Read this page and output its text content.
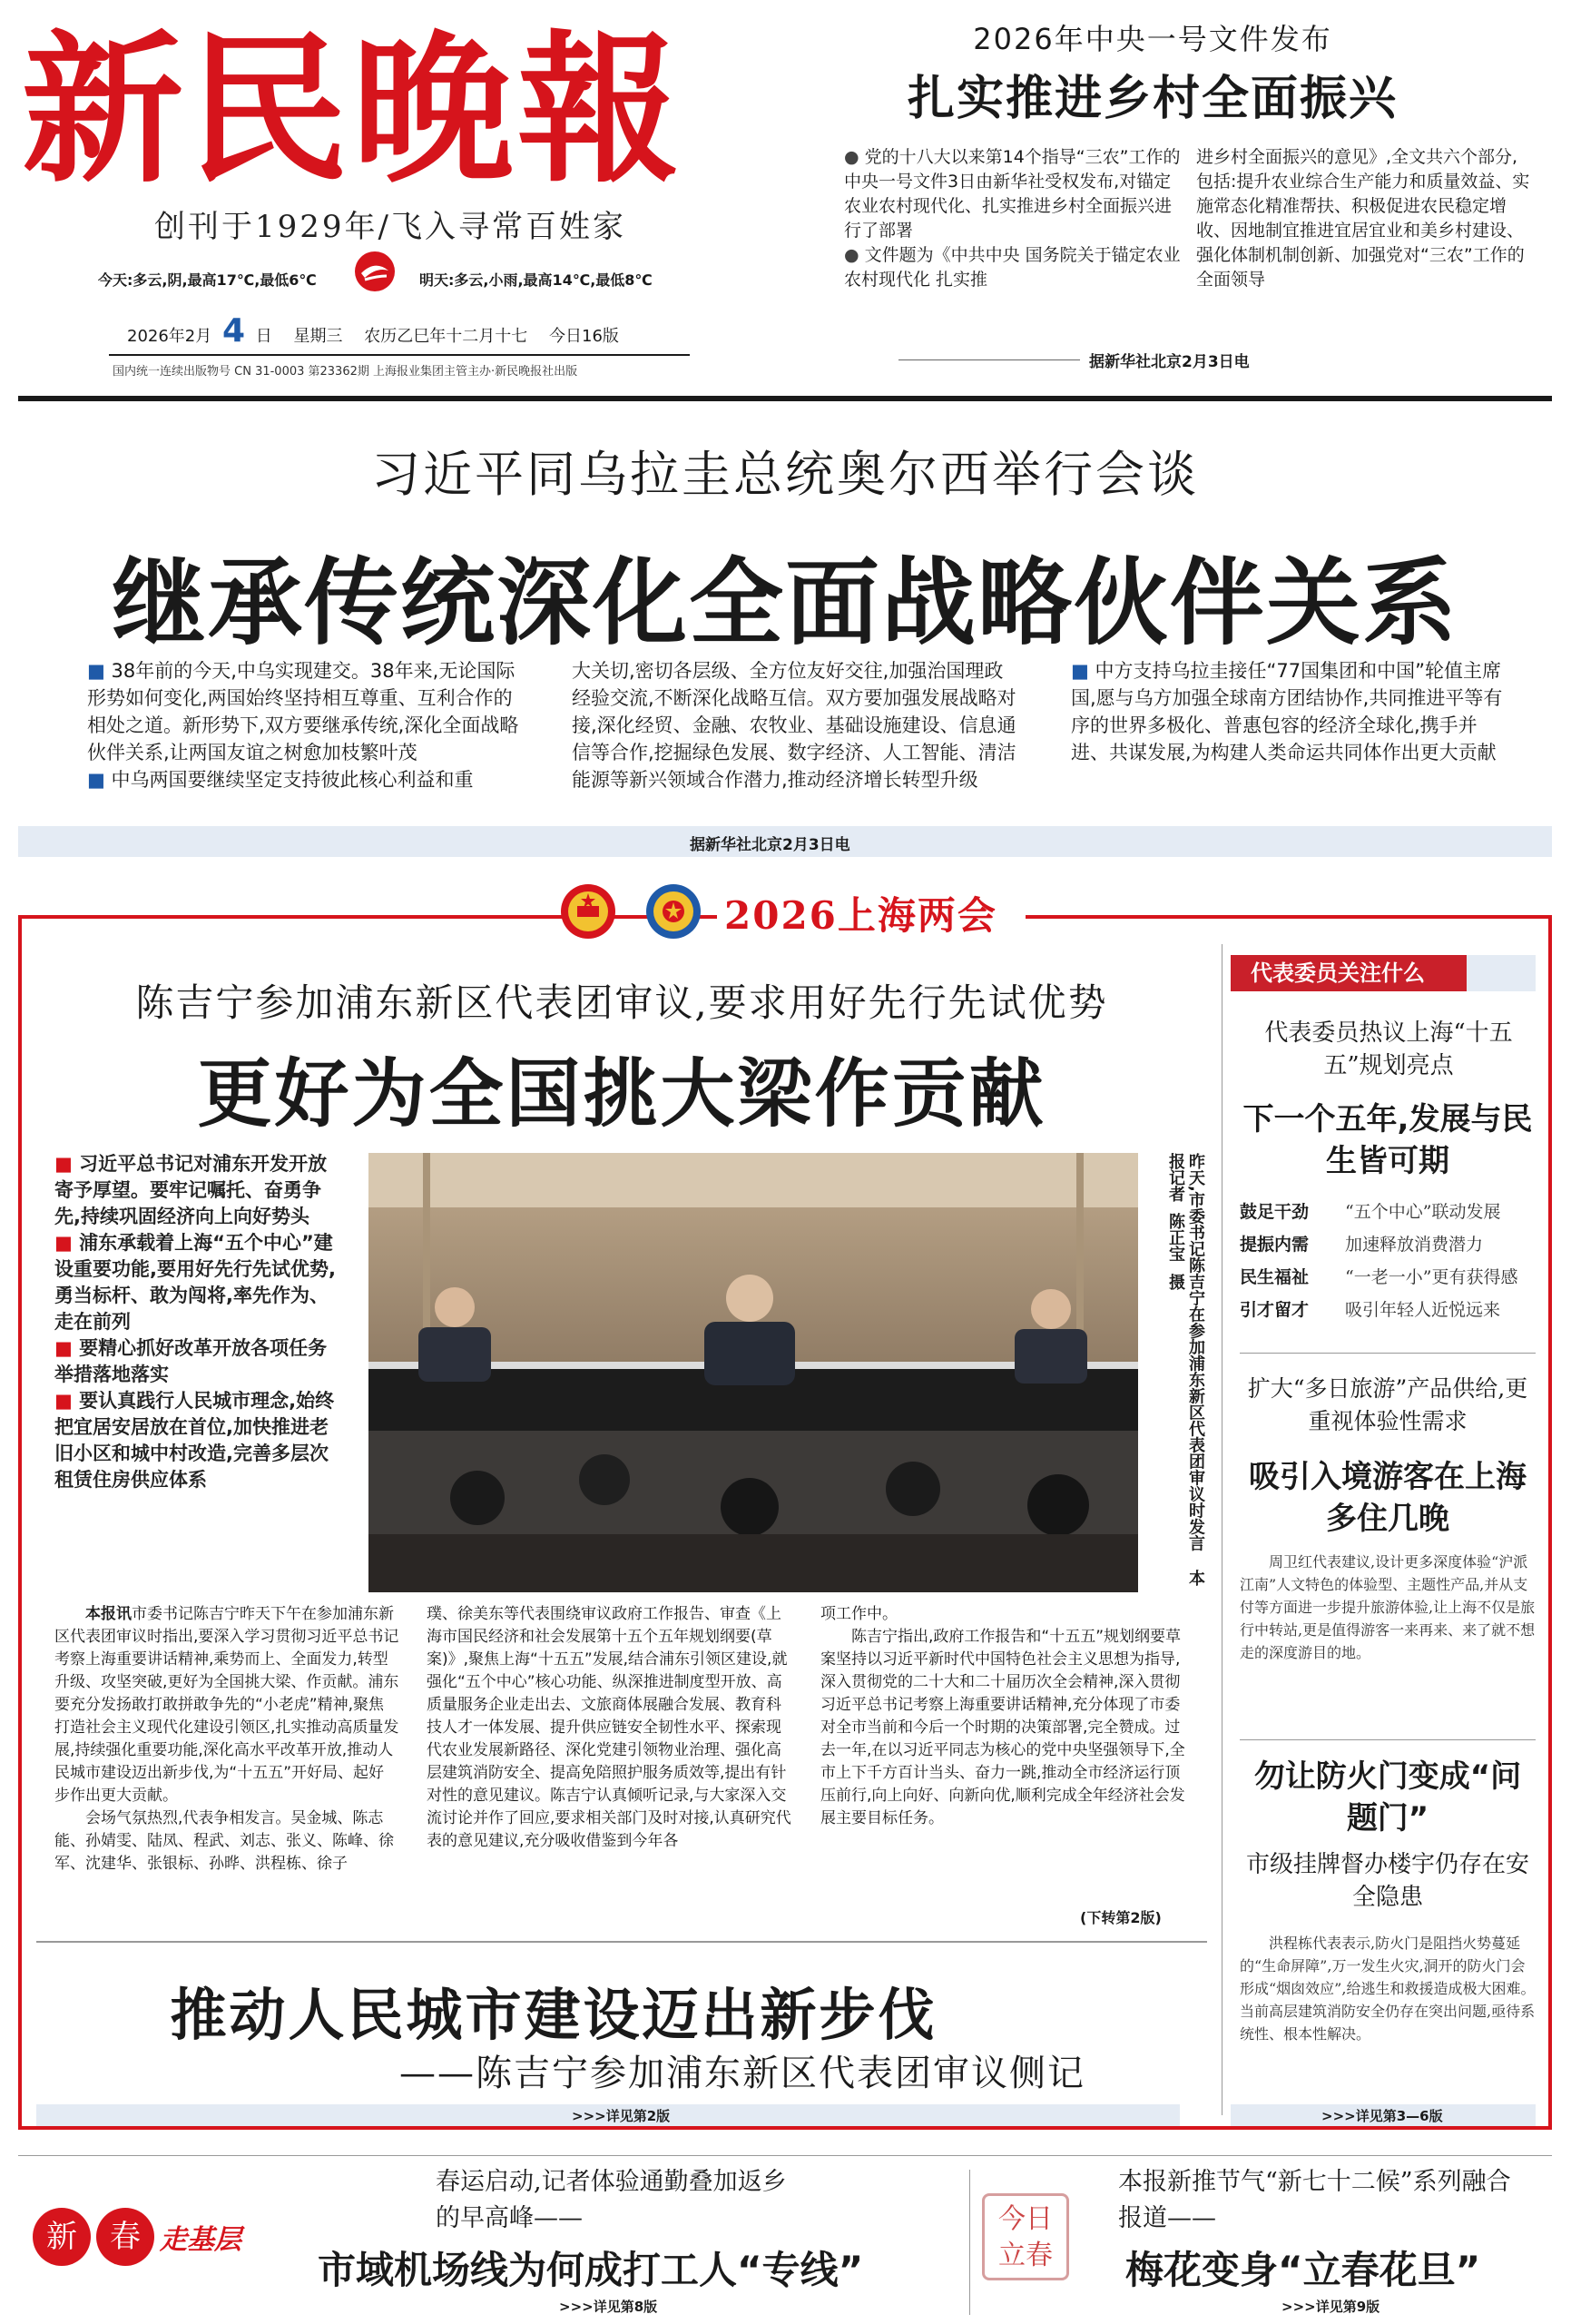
新民晚報
创刊于1929年/飞入寻常百姓家
今天:多云,阴,最高17℃,最低6℃	明天:多云,小雨,最高14℃,最低8℃
2026年2月 4 日 星期三 农历乙巳年十二月十七 今日16版
国内统一连续出版物号 CN 31-0003 第23362期 上海报业集团主管主办·新民晚报社出版
2026年中央一号文件发布
扎实推进乡村全面振兴

● 党的十八大以来第14个指导“三农”工作的中央一号文件3日由新华社受权发布,对锚定农业农村现代化、扎实推进乡村全面振兴进行了部署

● 文件题为《中共中央 国务院关于锚定农业农村现代化 扎实推

进乡村全面振兴的意见》,全文共六个部分,包括:提升农业综合生产能力和质量效益、实施常态化精准帮扶、积极促进农民稳定增收、因地制宜推进宜居宜业和美乡村建设、强化体制机制创新、加强党对“三农”工作的全面领导

据新华社北京2月3日电
习近平同乌拉圭总统奥尔西举行会谈
继承传统深化全面战略伙伴关系

■ 38年前的今天,中乌实现建交。38年来,无论国际形势如何变化,两国始终坚持相互尊重、互利合作的相处之道。新形势下,双方要继承传统,深化全面战略伙伴关系,让两国友谊之树愈加枝繁叶茂

■ 中乌两国要继续坚定支持彼此核心利益和重

大关切,密切各层级、全方位友好交往,加强治国理政经验交流,不断深化战略互信。双方要加强发展战略对接,深化经贸、金融、农牧业、基础设施建设、信息通信等合作,挖掘绿色发展、数字经济、人工智能、清洁能源等新兴领域合作潜力,推动经济增长转型升级

■ 中方支持乌拉圭接任“77国集团和中国”轮值主席国,愿与乌方加强全球南方团结协作,共同推进平等有序的世界多极化、普惠包容的经济全球化,携手并进、共谋发展,为构建人类命运共同体作出更大贡献

据新华社北京2月3日电
2026上海两会
陈吉宁参加浦东新区代表团审议,要求用好先行先试优势
更好为全国挑大梁作贡献

■ 习近平总书记对浦东开发开放寄予厚望。要牢记嘱托、奋勇争先,持续巩固经济向上向好势头

■ 浦东承载着上海“五个中心”建设重要功能,要用好先行先试优势,勇当标杆、敢为闯将,率先作为、走在前列

■ 要精心抓好改革开放各项任务举措落地落实

■ 要认真践行人民城市理念,始终把宜居安居放在首位,加快推进老旧小区和城中村改造,完善多层次租赁住房供应体系	昨天,市委书记陈吉宁在参加浦东新区代表团审议时发言 本报记者 陈正宝 摄

本报讯市委书记陈吉宁昨天下午在参加浦东新区代表团审议时指出,要深入学习贯彻习近平总书记考察上海重要讲话精神,乘势而上、全面发力,转型升级、攻坚突破,更好为全国挑大梁、作贡献。浦东要充分发扬敢打敢拼敢争先的“小老虎”精神,聚焦打造社会主义现代化建设引领区,扎实推动高质量发展,持续强化重要功能,深化高水平改革开放,推动人民城市建设迈出新步伐,为“十五五”开好局、起好步作出更大贡献。

会场气氛热烈,代表争相发言。吴金城、陈志能、孙婧雯、陆凤、程武、刘志、张义、陈峰、徐军、沈建华、张银标、孙晔、洪程栋、徐子

璞、徐美东等代表围绕审议政府工作报告、审查《上海市国民经济和社会发展第十五个五年规划纲要(草案)》,聚焦上海“十五五”发展,结合浦东引领区建设,就强化“五个中心”核心功能、纵深推进制度型开放、高质量服务企业走出去、文旅商体展融合发展、教育科技人才一体发展、提升供应链安全韧性水平、探索现代农业发展新路径、深化党建引领物业治理、强化高层建筑消防安全、提高免陪照护服务质效等,提出有针对性的意见建议。陈吉宁认真倾听记录,与大家深入交流讨论并作了回应,要求相关部门及时对接,认真研究代表的意见建议,充分吸收借鉴到今年各

项工作中。

陈吉宁指出,政府工作报告和“十五五”规划纲要草案坚持以习近平新时代中国特色社会主义思想为指导,深入贯彻党的二十大和二十届历次全会精神,深入贯彻习近平总书记考察上海重要讲话精神,充分体现了市委对全市当前和今后一个时期的决策部署,完全赞成。过去一年,在以习近平同志为核心的党中央坚强领导下,全市上下千方百计当头、奋力一跳,推动全市经济运行顶压前行,向上向好、向新向优,顺利完成全年经济社会发展主要目标任务。

(下转第2版)
推动人民城市建设迈出新步伐
——陈吉宁参加浦东新区代表团审议侧记
>>>详见第2版
代表委员关注什么
代表委员热议上海“十五五”规划亮点
下一个五年,发展与民生皆可期
鼓足干劲 “五个中心”联动发展
提振内需 加速释放消费潜力
民生福祉 “一老一小”更有获得感
引才留才 吸引年轻人近悦远来
扩大“多日旅游”产品供给,更重视体验性需求
吸引入境游客在上海多住几晚
周卫红代表建议,设计更多深度体验“沪派江南”人文特色的体验型、主题性产品,并从支付等方面进一步提升旅游体验,让上海不仅是旅行中转站,更是值得游客一来再来、来了就不想走的深度游目的地。
勿让防火门变成“问题门”
市级挂牌督办楼宇仍存在安全隐患
洪程栋代表表示,防火门是阻挡火势蔓延的“生命屏障”,万一发生火灾,洞开的防火门会形成“烟囱效应”,给逃生和救援造成极大困难。当前高层建筑消防安全仍存在突出问题,亟待系统性、根本性解决。
>>>详见第3—6版
新	春 走基层
春运启动,记者体验通勤叠加返乡的早高峰——
市域机场线为何成打工人“专线”
>>>详见第8版
今日
立春
本报新推节气“新七十二候”系列融合报道——
梅花变身“立春花旦”
>>>详见第9版
